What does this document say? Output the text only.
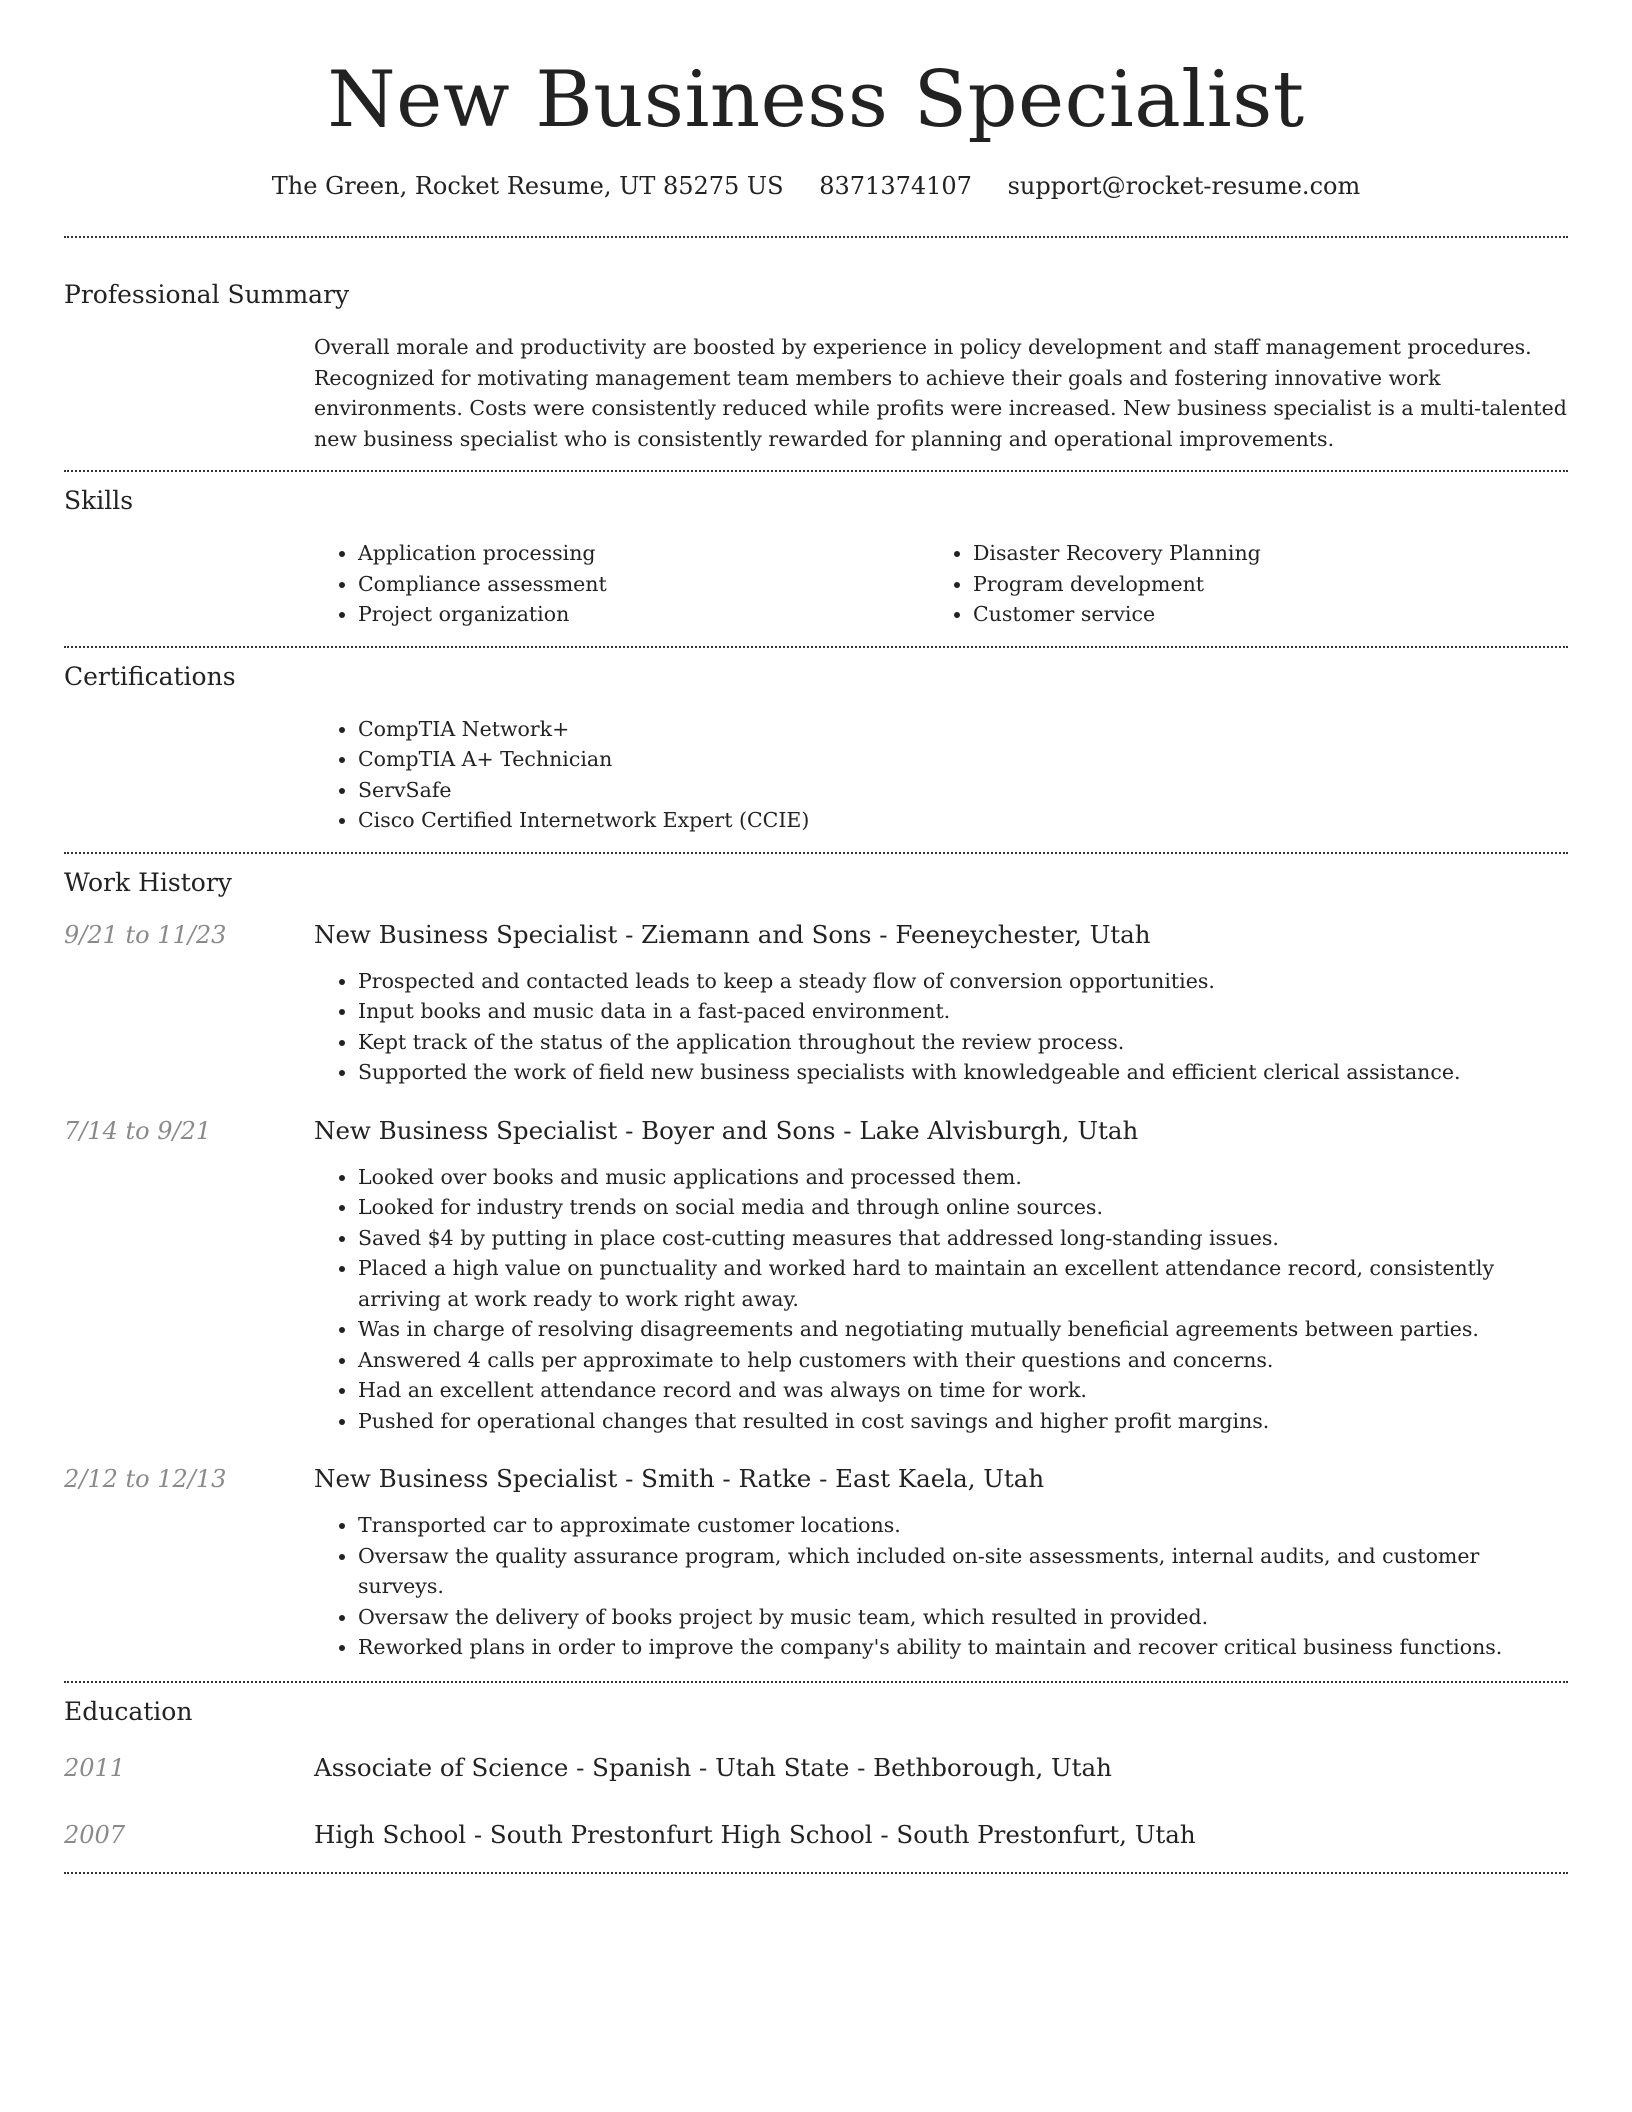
New Business Specialist
The Green, Rocket Resume, UT 85275 US 8371374107 support@rocket-resume.com
Professional Summary

Overall morale and productivity are boosted by experience in policy development and staff management procedures. Recognized for motivating management team members to achieve their goals and fostering innovative work environments. Costs were consistently reduced while profits were increased. New business specialist is a multi-talented new business specialist who is consistently rewarded for planning and operational improvements.

Skills
• Application processing
• Compliance assessment
• Project organization
• Disaster Recovery Planning
• Program development
• Customer service
Certifications
• CompTIA Network+
• CompTIA A+ Technician
• ServSafe
• Cisco Certified Internetwork Expert (CCIE)
Work History
9/21 to 11/23	New Business Specialist - Ziemann and Sons - Feeneychester, Utah
• Prospected and contacted leads to keep a steady flow of conversion opportunities.
• Input books and music data in a fast-paced environment.
• Kept track of the status of the application throughout the review process.
• Supported the work of field new business specialists with knowledgeable and efficient clerical assistance.
7/14 to 9/21	New Business Specialist - Boyer and Sons - Lake Alvisburgh, Utah
• Looked over books and music applications and processed them.
• Looked for industry trends on social media and through online sources.
• Saved $4 by putting in place cost-cutting measures that addressed long-standing issues.
• Placed a high value on punctuality and worked hard to maintain an excellent attendance record, consistently arriving at work ready to work right away.
• Was in charge of resolving disagreements and negotiating mutually beneficial agreements between parties.
• Answered 4 calls per approximate to help customers with their questions and concerns.
• Had an excellent attendance record and was always on time for work.
• Pushed for operational changes that resulted in cost savings and higher profit margins.
2/12 to 12/13	New Business Specialist - Smith - Ratke - East Kaela, Utah
• Transported car to approximate customer locations.
• Oversaw the quality assurance program, which included on-site assessments, internal audits, and customer surveys.
• Oversaw the delivery of books project by music team, which resulted in provided.
• Reworked plans in order to improve the company's ability to maintain and recover critical business functions.
Education
2011	Associate of Science - Spanish - Utah State - Bethborough, Utah
2007	High School - South Prestonfurt High School - South Prestonfurt, Utah
